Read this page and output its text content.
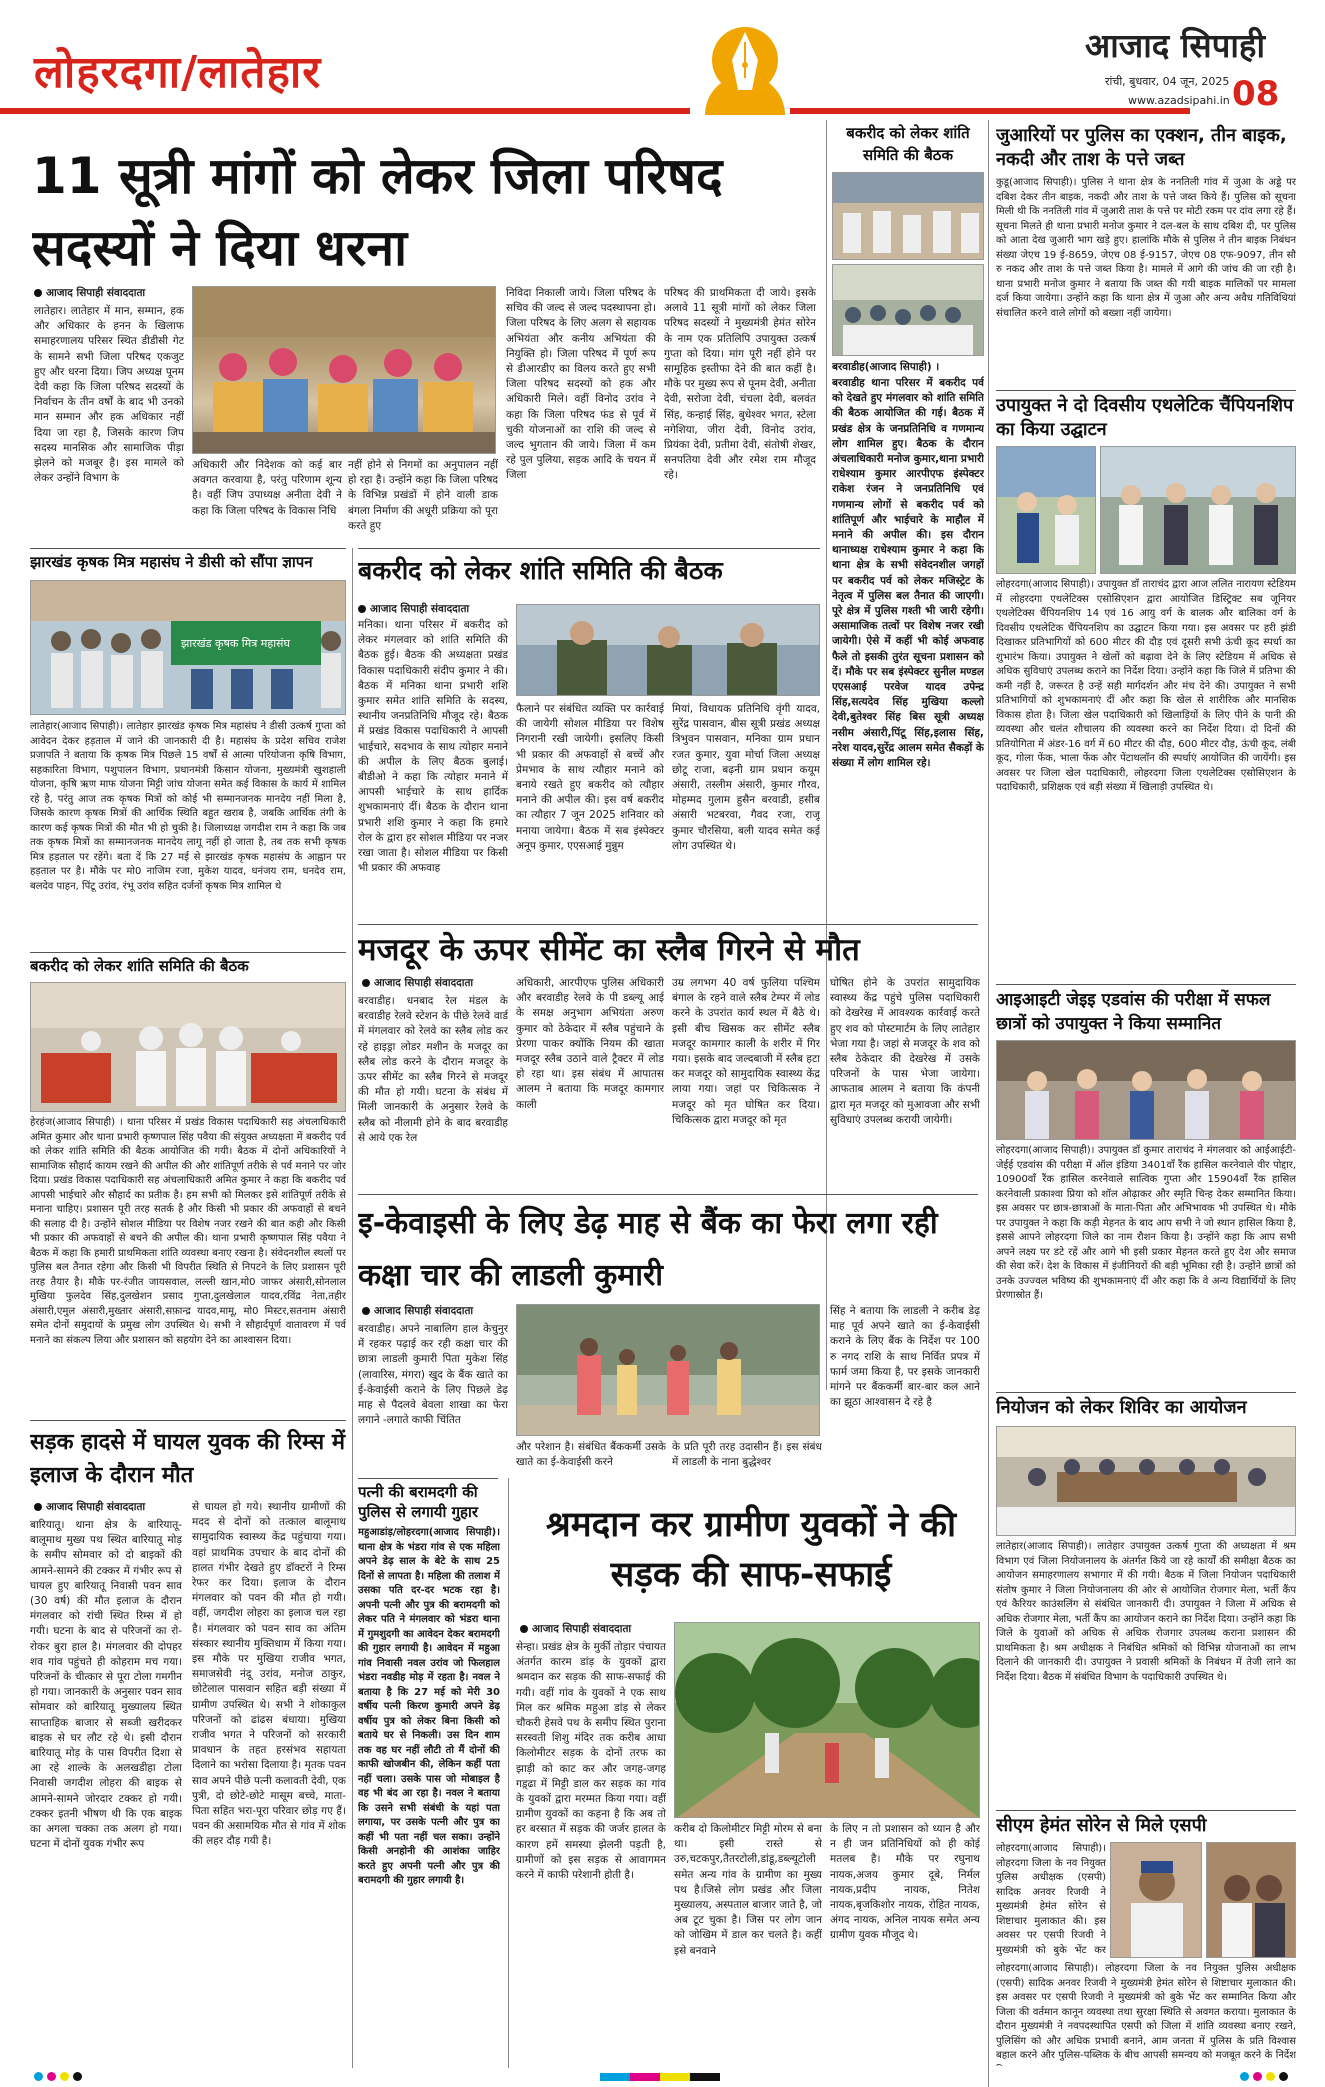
लोहरदगा/लातेहार
आजाद सिपाही
रांची, बुधवार, 04 जून, 2025
www.azadsipahi.in 08
11 सूत्री मांगों को लेकर जिला परिषद सदस्यों ने दिया धरना
आजाद सिपाही संवाददाता
लातेहार। लातेहार में मान, सम्मान, हक और अधिकार के हनन के खिलाफ समाहरणालय परिसर स्थित डीडीसी गेट के सामने सभी जिला परिषद एकजुट हुए और धरना दिया। जिप अध्यक्ष पूनम देवी कहा कि जिला परिषद सदस्यों के निर्वाचन के तीन वर्षों के बाद भी उनको मान सम्मान और हक अधिकार नहीं दिया जा रहा है, जिसके कारण जिप सदस्य मानसिक और सामाजिक पीड़ा झेलने को मजबूर है। इस मामले को लेकर उन्होंने विभाग के
अधिकारी और निदेशक को कई बार अवगत करवाया है, परंतु परिणाम शून्य है। वहीं जिप उपाध्यक्ष अनीता देवी ने कहा कि जिला परिषद के विकास निधि
नहीं होने से निगमों का अनुपालन नहीं हो रहा है। उन्होंने कहा कि जिला परिषद के विभिन्न प्रखंडों में होने वाली डाक बंगला निर्माण की अधूरी प्रक्रिया को पूरा करते हुए
निविदा निकाली जाये। जिला परिषद के सचिव की जल्द से जल्द पदस्थापना हो। जिला परिषद के लिए अलग से सहायक अभियंता और कनीय अभियंता की नियुक्ति हो। जिला परिषद में पूर्ण रूप से डीआरडीए का विलय करते हुए सभी जिला परिषद सदस्यों को हक और अधिकारी मिले। वहीं विनोद उरांव ने कहा कि जिला परिषद फंड से पूर्व में चुकी योजनाओं का राशि की जल्द से जल्द भुगतान की जाये। जिला में कम रहे पुल पुलिया, सड़क आदि के चयन में जिला
परिषद की प्राथमिकता दी जाये। इसके अलावे 11 सूत्री मांगों को लेकर जिला परिषद सदस्यों ने मुख्यमंत्री हेमंत सोरेन के नाम एक प्रतिलिपि उपायुक्त उत्कर्ष गुप्ता को दिया। मांग पूरी नहीं होने पर सामूहिक इस्तीफा देने की बात कहीं है। मौके पर मुख्य रूप से पूनम देवी, अनीता देवी, सरोजा देवी, चंचला देवी, बलवंत सिंह, कन्हाई सिंह, बुधेश्वर भगत, स्टेला नगेशिया, जीरा देवी, विनोद उरांव, प्रियंका देवी, प्रतीमा देवी, संतोषी शेखर, सनपतिया देवी और रमेश राम मौजूद रहे।
झारखंड कृषक मित्र महासंघ ने डीसी को सौंपा ज्ञापन
झारखंड कृषक मित्र महासंघ
लातेहार(आजाद सिपाही)। लातेहार झारखंड कृषक मित्र महासंघ ने डीसी उत्कर्ष गुप्ता को आवेदन देकर हड़ताल में जाने की जानकारी दी है। महासंघ के प्रदेश सचिव राजेश प्रजापति ने बताया कि कृषक मित्र पिछले 15 वर्षों से आत्मा परियोजना कृषि विभाग, सहकारिता विभाग, पशुपालन विभाग, प्रधानमंत्री किसान योजना, मुख्यमंत्री खुशहाली योजना, कृषि ऋण माफ योजना मिट्टी जांच योजना समेत कई विकास के कार्य में शामिल रहे है, परंतु आज तक कृषक मित्रों को कोई भी सम्मानजनक मानदेय नहीं मिला है, जिसके कारण कृषक मित्रों की आर्थिक स्थिति बहुत खराब है, जबकि आर्थिक तंगी के कारण कई कृषक मित्रों की मौत भी हो चुकी है। जिलाध्यक्ष जगदीश राम ने कहा कि जब तक कृषक मित्रों का सम्मानजनक मानदेय लागू नहीं हो जाता है, तब तक सभी कृषक मित्र हड़ताल पर रहेंगे। बता दें कि 27 मई से झारखंड कृषक महासंघ के आह्वान पर हड़ताल पर है। मौके पर मो0 नाजिम रजा, मुकेश यादव, धनंजय राम, धनदेव राम, बलदेव पाहन, पिंटू उरांव, रंभू उरांव सहित दर्जनों कृषक मित्र शामिल थे
बकरीद को लेकर शांति समिति की बैठक
हेरहंज(आजाद सिपाही) । थाना परिसर में प्रखंड विकास पदाधिकारी सह अंचलाधिकारी अमित कुमार और थाना प्रभारी कृष्णपाल सिंह पवैया की संयुक्त अध्यक्षता में बकरीद पर्व को लेकर शांति समिति की बैठक आयोजित की गयी। बैठक में दोनों अधिकारियों ने सामाजिक सौहार्द कायम रखने की अपील की और शांतिपूर्ण तरीके से पर्व मनाने पर जोर दिया। प्रखंड विकास पदाधिकारी सह अंचलाधिकारी अमित कुमार ने कहा कि बकरीद पर्व आपसी भाईचारे और सौहार्द का प्रतीक है। हम सभी को मिलकर इसे शांतिपूर्ण तरीके से मनाना चाहिए। प्रशासन पूरी तरह सतर्क है और किसी भी प्रकार की अफवाहों से बचने की सलाह दी है। उन्होंने सोशल मीडिया पर विशेष नजर रखने की बात कही और किसी भी प्रकार की अफवाहों से बचने की अपील की। थाना प्रभारी कृष्णपाल सिंह पवैया ने बैठक में कहा कि हमारी प्राथमिकता शांति व्यवस्था बनाए रखना है। संवेदनशील स्थलों पर पुलिस बल तैनात रहेगा और किसी भी विपरीत स्थिति से निपटने के लिए प्रशासन पूरी तरह तैयार है। मौके पर-रंजीत जायसवाल, लल्ली खान,मो0 जाफर अंसारी,सोनलाल मुखिया फुलदेव सिंह,दुलखेशन प्रसाद गुप्ता,दुलखेलाल यादव,रविंद्र नेता,तहीर अंसारी,एमुल अंसारी,मुख्तार अंसारी,सफ़ान्द्र यादव,मामू, मो0 मिस्टर,सतनाम अंसारी समेत दोनों समुदायों के प्रमुख लोग उपस्थित थे। सभी ने सौहार्दपूर्ण वातावरण में पर्व मनाने का संकल्प लिया और प्रशासन को सहयोग देने का आश्वासन दिया।
सड़क हादसे में घायल युवक की रिम्स में इलाज के दौरान मौत
आजाद सिपाही संवाददाता
बारियातू। थाना क्षेत्र के बारियातू-बालूमाथ मुख्य पथ स्थित बारियातू मोड़ के समीप सोमवार को दो बाइकों की आमने-सामने की टक्कर में गंभीर रूप से घायल हुए बारियातू निवासी पवन साव (30 वर्ष) की मौत इलाज के दौरान मंगलवार को रांची स्थित रिम्स में हो गयी। घटना के बाद से परिजनों का रो-रोकर बुरा हाल है। मंगलवार की दोपहर शव गांव पहुंचते ही कोहराम मच गया। परिजनों के चीत्कार से पूरा टोला गमगीन हो गया। जानकारी के अनुसार पवन साव सोमवार को बारियातू मुख्यालय स्थित साप्ताहिक बाजार से सब्जी खरीदकर बाइक से घर लौट रहे थे। इसी दौरान बारियातू मोड़ के पास विपरीत दिशा से आ रहे शाल्के के अलखडीहा टोला निवासी जगदीश लोहरा की बाइक से आमने-सामने जोरदार टक्कर हो गयी। टक्कर इतनी भीषण थी कि एक बाइक का अगला चक्का तक अलग हो गया। घटना में दोनों युवक गंभीर रूप
से घायल हो गये। स्थानीय ग्रामीणों की मदद से दोनों को तत्काल बालूमाथ सामुदायिक स्वास्थ्य केंद्र पहुंचाया गया। वहां प्राथमिक उपचार के बाद दोनों की हालत गंभीर देखते हुए डॉक्टरों ने रिम्स रेफर कर दिया। इलाज के दौरान मंगलवार को पवन की मौत हो गयी। वहीं, जगदीश लोहरा का इलाज चल रहा है। मंगलवार को पवन साव का अंतिम संस्कार स्थानीय मुक्तिधाम में किया गया। इस मौके पर मुखिया राजीव भगत, समाजसेवी नंदू उरांव, मनोज ठाकुर, छोटेलाल पासवान सहित बड़ी संख्या में ग्रामीण उपस्थित थे। सभी ने शोकाकुल परिजनों को ढांढस बंधाया। मुखिया राजीव भगत ने परिजनों को सरकारी प्रावधान के तहत हरसंभव सहायता दिलाने का भरोसा दिलाया है। मृतक पवन साव अपने पीछे पत्नी कलावती देवी, एक पुत्री, दो छोटे-छोटे मासूम बच्चे, माता-पिता सहित भरा-पूरा परिवार छोड़ गए हैं। पवन की असामयिक मौत से गांव में शोक की लहर दौड़ गयी है।
बकरीद को लेकर शांति समिति की बैठक
आजाद सिपाही संवाददाता
मनिका। थाना परिसर में बकरीद को लेकर मंगलवार को शांति समिति की बैठक हुई। बैठक की अध्यक्षता प्रखंड विकास पदाधिकारी संदीप कुमार ने की। बैठक में मनिका थाना प्रभारी शशि कुमार समेत शांति समिति के सदस्य, स्थानीय जनप्रतिनिधि मौजूद रहे। बैठक में प्रखंड विकास पदाधिकारी ने आपसी भाईचारे, सदभाव के साथ त्योहार मनाने की अपील के लिए बैठक बुलाई। बीडीओ ने कहा कि त्योहार मनाने में आपसी भाईचारे के साथ हार्दिक शुभकामनाएं दीं। बैठक के दौरान थाना प्रभारी शशि कुमार ने कहा कि हमारे रोल के द्वारा हर सोशल मीडिया पर नजर रखा जाता है। सोशल मीडिया पर किसी भी प्रकार की अफवाह
फैलाने पर संबंधित व्यक्ति पर कार्रवाई की जायेगी सोशल मीडिया पर विशेष निगरानी रखी जायेगी। इसलिए किसी भी प्रकार की अफवाहों से बच्चें और प्रेमभाव के साथ त्यौहार मनाने को बनाये रखते हुए बकरीद को त्यौहार मनाने की अपील की। इस वर्ष बकरीद का त्यौहार 7 जून 2025 शनिवार को मनाया जायेगा। बैठक में सब इंस्पेक्टर अनूप कुमार, एएसआई मुन्नुम
मियां, विधायक प्रतिनिधि वृंगी यादव, सुरेंद्र पासवान, बीस सूत्री प्रखंड अध्यक्ष त्रिभुवन पासवान, मनिका ग्राम प्रधान रजत कुमार, युवा मोर्चा जिला अध्यक्ष छोटू राजा, बढ़नी ग्राम प्रधान कयूम अंसारी, तस्लीम अंसारी, कुमार गौरव, मोहम्मद गुलाम हुसैन बरवाडी, हसीब अंसारी भटबरवा, गैवद रजा, राजू कुमार चौरसिया, बली यादव समेत कई लोग उपस्थित थे।
मजदूर के ऊपर सीमेंट का स्लैब गिरने से मौत
आजाद सिपाही संवाददाता
बरवाडीह। धनबाद रेल मंडल के बरवाडीह रेलवे स्टेशन के पीछे रेलवे वार्ड में मंगलवार को रेलवे का स्लैब लोड कर रहे हाइड्रा लोडर मशीन के मजदूर का स्लैब लोड करने के दौरान मजदूर के ऊपर सीमेंट का स्लैब गिरने से मजदूर की मौत हो गयी। घटना के संबंध में मिली जानकारी के अनुसार रेलवे के स्लैब को नीलामी होने के बाद बरवाडीह से आये एक रेल
अधिकारी, आरपीएफ पुलिस अधिकारी और बरवाडीह रेलवे के पी डब्ल्यू आई के समक्ष अनुभाग अभियंता अरुण कुमार को ठेकेदार में स्लैब पहुंचाने के प्रेरणा पाकर क्योंकि नियम की खाता मजदूर स्लैब उठाने वाले ट्रैक्टर में लोड हो रहा था। इस संबंध में आपातस आलम ने बताया कि मजदूर कामगार काली
उम्र लगभग 40 वर्ष फुलिया पश्चिम बंगाल के रहने वाले स्लैब टेम्पर में लोड करने के उपरांत कार्य स्थल में बैठे थे। इसी बीच खिसक कर सीमेंट स्लैब मजदूर कामगार काली के शरीर में गिर गया। इसके बाद जल्दबाजी में स्लैब हटा कर मजदूर को सामुदायिक स्वास्थ्य केंद्र लाया गया। जहां पर चिकित्सक ने मजदूर को मृत घोषित कर दिया। चिकित्सक द्वारा मजदूर को मृत
घोषित होने के उपरांत सामुदायिक स्वास्थ्य केंद्र पहुंचे पुलिस पदाधिकारी को देखरेख में आवश्यक कार्रवाई करते हुए शव को पोस्टमार्टम के लिए लातेहार भेजा गया है। जहां से मजदूर के शव को स्लैब ठेकेदार की देखरेख में उसके परिजनों के पास भेजा जायेगा। आफताब आलम ने बताया कि कंपनी द्वारा मृत मजदूर को मुआवजा और सभी सुविधाएं उपलब्ध करायी जायेगी।
इ-केवाइसी के लिए डेढ़ माह से बैंक का फेरा लगा रही कक्षा चार की लाडली कुमारी
आजाद सिपाही संवाददाता
बरवाडीह। अपने नाबालिग हाल केचुनुर में रहकर पढ़ाई कर रही कक्षा चार की छात्रा लाडली कुमारी पिता मुकेश सिंह (लावारिस, मंगरा) खुद के बैंक खाते का ई-केवाईसी कराने के लिए पिछले डेढ़ माह से पैदलवे बेवला शाखा का फेरा लगाने -लगाते काफी चिंतित
और परेशान है। संबंधित बैंककर्मी उसके खाते का ई-केवाईसी करने
के प्रति पूरी तरह उदासीन हैं। इस संबंध में लाडली के नाना बुद्धेश्वर
सिंह ने बताया कि लाडली ने करीब डेढ़ माह पूर्व अपने खाते का ई-केवाईसी कराने के लिए बैंक के निर्देश पर 100 रु नगद राशि के साथ निर्वित प्रपत्र में फार्म जमा किया है, पर इसके जानकारी मांगने पर बैंककर्मी बार-बार कल आने का झूठा आश्वासन दे रहे है
पत्नी की बरामदगी की पुलिस से लगायी गुहार
महुआडांड़/लोहरदगा(आजाद सिपाही)। थाना क्षेत्र के भंडरा गांव से एक महिला अपने डेढ़ साल के बेटे के साथ 25 दिनों से लापता है। महिला की तलाश में उसका पति दर-दर भटक रहा है। अपनी पत्नी और पुत्र की बरामदगी को लेकर पति ने मंगलवार को भंडरा थाना में गुमशुदगी का आवेदन देकर बरामदगी की गुहार लगायी है। आवेदन में महुआ गांव निवासी नवल उरांव जो फिलहाल भंडरा नवडीह मोड़ में रहता है। नवल ने बताया है कि 27 मई को मेरी 30 वर्षीय पत्नी किरण कुमारी अपने डेढ़ वर्षीय पुत्र को लेकर बिना किसी को बताये घर से निकली। उस दिन शाम तक वह घर नहीं लौटी तो मैं दोनों की काफी खोजबीन की, लेकिन कहीं पता नहीं चला। उसके पास जो मोबाइल है वह भी बंद आ रहा है। नवल ने बताया कि उसने सभी संबंधी के यहां पता लगाया, पर उसके पत्नी और पुत्र का कहीं भी पता नहीं चल सका। उन्होंने किसी अनहोनी की आशंका जाहिर करते हुए अपनी पत्नी और पुत्र की बरामदगी की गुहार लगायी है।
श्रमदान कर ग्रामीण युवकों ने की सड़क की साफ-सफाई
आजाद सिपाही संवाददाता
सेन्हा। प्रखंड क्षेत्र के मुर्की तोड़ार पंचायत अंतर्गत कारम डांड़ के युवकों द्वारा श्रमदान कर सड़क की साफ-सफाई की गयी। वहीं गांव के युवकों ने एक साथ मिल कर श्रमिक महुआ डांड़ से लेकर चौकरी हेसवे पथ के समीप स्थित पुराना सरस्वती शिशु मंदिर तक करीब आधा किलोमीटर सड़क के दोनों तरफ का झाड़ी को काट कर और जगह-जगह गड़्ढा में मिट्टी डाल कर सड़क का गांव के युवकों द्वारा मरम्मत किया गया। वहीं ग्रामीण युवकों का कहना है कि अब तो हर बरसात में सड़क की जर्जर हालत के कारण हमें समस्या झेलनी पड़ती है, ग्रामीणों को इस सड़क से आवागमन करने में काफी परेशानी होती है।
करीब दो किलोमीटर मिट्टी मोरम से बना था। इसी रास्ते से उरु,चटकपुर,तैतरटोली,डांडू,डब्ल्यूटोली समेत अन्य गांव के ग्रामीण का मुख्य पथ है।जिसे लोग प्रखंड और जिला मुख्यालय, अस्पताल बाजार जाते है, जो अब टूट चुका है। जिस पर लोग जान को जोखिम में डाल कर चलते है। कहीं इसे बनवाने
के लिए न तो प्रशासन को ध्यान है और न ही जन प्रतिनिधियों को ही कोई मतलब है। मौके पर रघुनाथ नायक,अजय कुमार दूबे, निर्मल नायक,प्रदीप नायक, नितेश नायक,बृजकिशोर नायक, रोहित नायक, अंगद नायक, अनिल नायक समेत अन्य ग्रामीण युवक मौजूद थे।
बकरीद को लेकर शांति समिति की बैठक
बरवाडीह(आजाद सिपाही) ।
बरवाडीह थाना परिसर में बकरीद पर्व को देखते हुए मंगलवार को शांति समिति की बैठक आयोजित की गई। बैठक में प्रखंड क्षेत्र के जनप्रतिनिधि व गणमान्य लोग शामिल हुए। बैठक के दौरान अंचलाधिकारी मनोज कुमार,थाना प्रभारी राधेश्याम कुमार आरपीएफ इंस्पेक्टर राकेश रंजन ने जनप्रतिनिधि एवं गणमान्य लोगों से बकरीद पर्व को शांतिपूर्ण और भाईचारे के माहौल में मनाने की अपील की। इस दौरान थानाध्यक्ष राधेश्याम कुमार ने कहा कि थाना क्षेत्र के सभी संवेदनशील जगहों पर बकरीद पर्व को लेकर मजिस्ट्रेट के नेतृत्व में पुलिस बल तैनात की जाएगी। पूरे क्षेत्र में पुलिस गश्ती भी जारी रहेगी। असामाजिक तत्वों पर विशेष नजर रखी जायेगी। ऐसे में कहीं भी कोई अफवाह फैले तो इसकी तुरंत सूचना प्रशासन को दें। मौके पर सब इंस्पेक्टर सुनील मण्डल एएसआई परवेज यादव उपेन्द्र सिंह,सत्यदेव सिंह मुखिया कल्लो देवी,बुतेश्वर सिंह बिस सूत्री अध्यक्ष नसीम अंसारी,पिंटू सिंह,इलास सिंह, नरेश यादव,सुरेंद्र आलम समेत सैकड़ों के संख्या में लोग शामिल रहे।
जुआरियों पर पुलिस का एक्शन, तीन बाइक, नकदी और ताश के पत्ते जब्त
कुडू(आजाद सिपाही)। पुलिस ने थाना क्षेत्र के ननतिली गांव में जुआ के अड्डे पर दबिश देकर तीन बाइक, नकदी और ताश के पत्ते जब्त किये हैं। पुलिस को सूचना मिली थी कि ननतिली गांव में जुआरी ताश के पत्ते पर मोटी रकम पर दांव लगा रहे हैं। सूचना मिलते ही थाना प्रभारी मनोज कुमार ने दल-बल के साथ दबिश दी, पर पुलिस को आता देख जुआरी भाग खड़े हुए। हालांकि मौके से पुलिस ने तीन बाइक निबंधन संख्या जेएच 19 ई-8659, जेएच 08 ई-9157, जेएच 08 एफ-9097, तीन सौ रु नकद और ताश के पत्ते जब्त किया है। मामले में आगे की जांच की जा रही है। थाना प्रभारी मनोज कुमार ने बताया कि जब्त की गयी बाइक मालिकों पर मामला दर्ज किया जायेगा। उन्होंने कहा कि थाना क्षेत्र में जुआ और अन्य अवैध गतिविधियां संचालित करने वाले लोगों को बख्शा नहीं जायेगा।
उपायुक्त ने दो दिवसीय एथलेटिक चैंपियनशिप का किया उद्घाटन
लोहरदगा(आजाद सिपाही)। उपायुक्त डॉ ताराचंद द्वारा आज ललित नारायण स्टेडियम में लोहरदगा एथलेटिक्स एसोसिएशन द्वारा आयोजित डिस्ट्रिक्ट सब जूनियर एथलेटिक्स चैंपियनशिप 14 एवं 16 आयु वर्ग के बालक और बालिका वर्ग के दिवसीय एथलेटिक चैंपियनशिप का उद्घाटन किया गया। इस अवसर पर हरी झंडी दिखाकर प्रतिभागियों को 600 मीटर की दौड़ एवं दूसरी सभी ऊंची कूद स्पर्धा का शुभारंभ किया। उपायुक्त ने खेलों को बढ़ावा देने के लिए स्टेडियम में अधिक से अधिक सुविधाएं उपलब्ध कराने का निर्देश दिया। उन्होंने कहा कि जिले में प्रतिभा की कमी नहीं है, जरूरत है उन्हें सही मार्गदर्शन और मंच देने की। उपायुक्त ने सभी प्रतिभागियों को शुभकामनाएं दीं और कहा कि खेल से शारीरिक और मानसिक विकास होता है। जिला खेल पदाधिकारी को खिलाड़ियों के लिए पीने के पानी की व्यवस्था और चलंत शौचालय की व्यवस्था करने का निर्देश दिया। दो दिनों की प्रतियोगिता में अंडर-16 वर्ग में 60 मीटर की दौड़, 600 मीटर दौड़, ऊंची कूद, लंबी कूद, गोला फेंक, भाला फेंक और पेंटाथलॉन की स्पर्धाएं आयोजित की जायेंगी। इस अवसर पर जिला खेल पदाधिकारी, लोहरदगा जिला एथलेटिक्स एसोसिएशन के पदाधिकारी, प्रशिक्षक एवं बड़ी संख्या में खिलाड़ी उपस्थित थे।
आइआइटी जेइइ एडवांस की परीक्षा में सफल छात्रों को उपायुक्त ने किया सम्मानित
लोहरदगा(आजाद सिपाही)। उपायुक्त डॉ कुमार ताराचंद ने मंगलवार को आईआईटी-जेईई एडवांस की परीक्षा में ऑल इंडिया 3401वाँ रैंक हासिल करनेवाले वीर पोद्दार, 10900वाँ रैंक हासिल करनेवाले सात्विक गुप्ता और 15904वाँ रैंक हासिल करनेवाली प्रकाश्वा प्रिया को शॉल ओढ़ाकर और स्मृति चिन्ह देकर सम्मानित किया। इस अवसर पर छात्र-छात्राओं के माता-पिता और अभिभावक भी उपस्थित थे। मौके पर उपायुक्त ने कहा कि कड़ी मेहनत के बाद आप सभी ने जो स्थान हासिल किया है, इससे आपने लोहरदगा जिले का नाम रौशन किया है। उन्होंने कहा कि आप सभी अपने लक्ष्य पर डटे रहें और आगे भी इसी प्रकार मेहनत करते हुए देश और समाज की सेवा करें। देश के विकास में इंजीनियरों की बड़ी भूमिका रही है। उन्होंने छात्रों को उनके उज्ज्वल भविष्य की शुभकामनाएं दीं और कहा कि वे अन्य विद्यार्थियों के लिए प्रेरणास्रोत हैं।
नियोजन को लेकर शिविर का आयोजन
लातेहार(आजाद सिपाही)। लातेहार उपायुक्त उत्कर्ष गुप्ता की अध्यक्षता में श्रम विभाग एवं जिला नियोजनालय के अंतर्गत किये जा रहे कार्यों की समीक्षा बैठक का आयोजन समाहरणालय सभागार में की गयी। बैठक में जिला नियोजन पदाधिकारी संतोष कुमार ने जिला नियोजनालय की ओर से आयोजित रोजगार मेला, भर्ती कैंप एवं कैरियर काउंसलिंग से संबंधित जानकारी दी। उपायुक्त ने जिला में अधिक से अधिक रोजगार मेला, भर्ती कैंप का आयोजन कराने का निर्देश दिया। उन्होंने कहा कि जिले के युवाओं को अधिक से अधिक रोजगार उपलब्ध कराना प्रशासन की प्राथमिकता है। श्रम अधीक्षक ने निबंधित श्रमिकों को विभिन्न योजनाओं का लाभ दिलाने की जानकारी दी। उपायुक्त ने प्रवासी श्रमिकों के निबंधन में तेजी लाने का निर्देश दिया। बैठक में संबंधित विभाग के पदाधिकारी उपस्थित थे।
सीएम हेमंत सोरेन से मिले एसपी
लोहरदगा(आजाद सिपाही)। लोहरदगा जिला के नव नियुक्त पुलिस अधीक्षक (एसपी) सादिक अनवर रिजवी ने मुख्यमंत्री हेमंत सोरेन से शिष्टाचार मुलाकात की। इस अवसर पर एसपी रिजवी ने मुख्यमंत्री को बुके भेंट कर
लोहरदगा(आजाद सिपाही)। लोहरदगा जिला के नव नियुक्त पुलिस अधीक्षक (एसपी) सादिक अनवर रिजवी ने मुख्यमंत्री हेमंत सोरेन से शिष्टाचार मुलाकात की। इस अवसर पर एसपी रिजवी ने मुख्यमंत्री को बुके भेंट कर सम्मानित किया और जिला की वर्तमान कानून व्यवस्था तथा सुरक्षा स्थिति से अवगत कराया। मुलाकात के दौरान मुख्यमंत्री ने नवपदस्थापित एसपी को जिला में शांति व्यवस्था बनाए रखने, पुलिसिंग को और अधिक प्रभावी बनाने, आम जनता में पुलिस के प्रति विश्वास बहाल करने और पुलिस-पब्लिक के बीच आपसी समन्वय को मजबूत करने के निर्देश
